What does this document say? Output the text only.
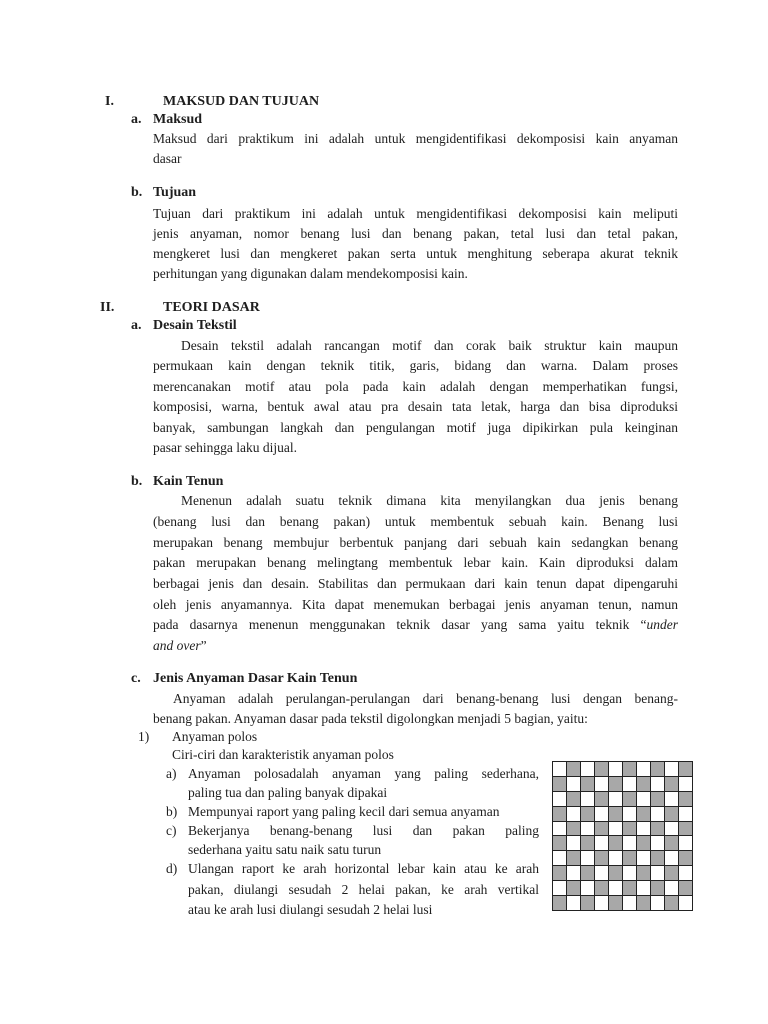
I.	MAKSUD DAN TUJUAN
a. Maksud
Maksud dari praktikum ini adalah untuk mengidentifikasi dekomposisi kain anyaman
dasar
b. Tujuan
Tujuan dari praktikum ini adalah untuk mengidentifikasi dekomposisi kain meliputi
jenis anyaman, nomor benang lusi dan benang pakan, tetal lusi dan tetal pakan,
mengkeret lusi dan mengkeret pakan serta untuk menghitung seberapa akurat teknik
perhitungan yang digunakan dalam mendekomposisi kain.
II.	TEORI DASAR
a. Desain Tekstil
Desain tekstil adalah rancangan motif dan corak baik struktur kain maupun
permukaan kain dengan teknik titik, garis, bidang dan warna. Dalam proses
merencanakan motif atau pola pada kain adalah dengan memperhatikan fungsi,
komposisi, warna, bentuk awal atau pra desain tata letak, harga dan bisa diproduksi
banyak, sambungan langkah dan pengulangan motif juga dipikirkan pula keinginan
pasar sehingga laku dijual.
b. Kain Tenun
Menenun adalah suatu teknik dimana kita menyilangkan dua jenis benang
(benang lusi dan benang pakan) untuk membentuk sebuah kain. Benang lusi
merupakan benang membujur berbentuk panjang dari sebuah kain sedangkan benang
pakan merupakan benang melingtang membentuk lebar kain. Kain diproduksi dalam
berbagai jenis dan desain. Stabilitas dan permukaan dari kain tenun dapat dipengaruhi
oleh jenis anyamannya. Kita dapat menemukan berbagai jenis anyaman tenun, namun
pada dasarnya menenun menggunakan teknik dasar yang sama yaitu teknik “under
and over”
c. Jenis Anyaman Dasar Kain Tenun
Anyaman adalah perulangan-perulangan dari benang-benang lusi dengan benang-
benang pakan. Anyaman dasar pada tekstil digolongkan menjadi 5 bagian, yaitu:
1) Anyaman polos
Ciri-ciri dan karakteristik anyaman polos
a) Anyaman polosadalah anyaman yang paling sederhana,
paling tua dan paling banyak dipakai
b) Mempunyai raport yang paling kecil dari semua anyaman
c) Bekerjanya benang-benang lusi dan pakan paling
sederhana yaitu satu naik satu turun
d) Ulangan raport ke arah horizontal lebar kain atau ke arah
pakan, diulangi sesudah 2 helai pakan, ke arah vertikal
atau ke arah lusi diulangi sesudah 2 helai lusi
